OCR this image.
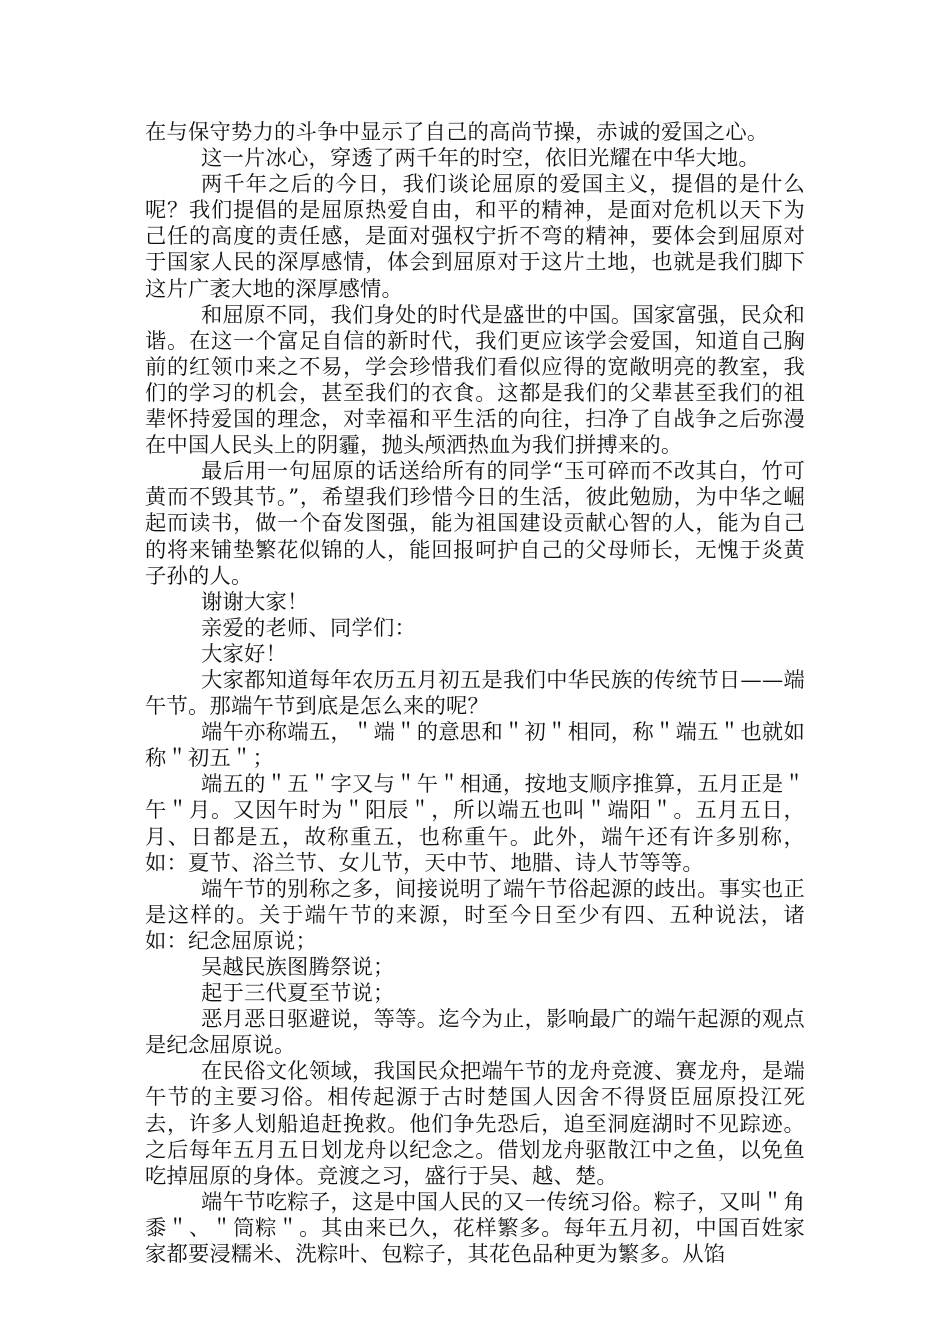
在与保守势力的斗争中显示了自己的高尚节操，赤诚的爱国之心。

这一片冰心，穿透了两千年的时空，依旧光耀在中华大地。

两千年之后的今日，我们谈论屈原的爱国主义，提倡的是什么呢？我们提倡的是屈原热爱自由，和平的精神，是面对危机以天下为己任的高度的责任感，是面对强权宁折不弯的精神，要体会到屈原对于国家人民的深厚感情，体会到屈原对于这片土地，也就是我们脚下这片广袤大地的深厚感情。

和屈原不同，我们身处的时代是盛世的中国。国家富强，民众和谐。在这一个富足自信的新时代，我们更应该学会爱国，知道自己胸前的红领巾来之不易，学会珍惜我们看似应得的宽敞明亮的教室，我们的学习的机会，甚至我们的衣食。这都是我们的父辈甚至我们的祖辈怀持爱国的理念，对幸福和平生活的向往，扫净了自战争之后弥漫在中国人民头上的阴霾，抛头颅洒热血为我们拼搏来的。

最后用一句屈原的话送给所有的同学“玉可碎而不改其白，竹可黄而不毁其节。”，希望我们珍惜今日的生活，彼此勉励，为中华之崛起而读书，做一个奋发图强，能为祖国建设贡献心智的人，能为自己的将来铺垫繁花似锦的人，能回报呵护自己的父母师长，无愧于炎黄子孙的人。

谢谢大家！

亲爱的老师、同学们：

大家好！

大家都知道每年农历五月初五是我们中华民族的传统节日——端午节。那端午节到底是怎么来的呢？

端午亦称端五，＂端＂的意思和＂初＂相同，称＂端五＂也就如称＂初五＂；

端五的＂五＂字又与＂午＂相通，按地支顺序推算，五月正是＂午＂月。又因午时为＂阳辰＂，所以端五也叫＂端阳＂。五月五日，月、日都是五，故称重五，也称重午。此外，端午还有许多别称，如：夏节、浴兰节、女儿节，天中节、地腊、诗人节等等。

端午节的别称之多，间接说明了端午节俗起源的歧出。事实也正是这样的。关于端午节的来源，时至今日至少有四、五种说法，诸如：纪念屈原说；

吴越民族图腾祭说；

起于三代夏至节说；

恶月恶日驱避说，等等。迄今为止，影响最广的端午起源的观点是纪念屈原说。

在民俗文化领域，我国民众把端午节的龙舟竞渡、赛龙舟，是端午节的主要习俗。相传起源于古时楚国人因舍不得贤臣屈原投江死去，许多人划船追赶挽救。他们争先恐后，追至洞庭湖时不见踪迹。之后每年五月五日划龙舟以纪念之。借划龙舟驱散江中之鱼，以免鱼吃掉屈原的身体。竞渡之习，盛行于吴、越、楚。

端午节吃粽子，这是中国人民的又一传统习俗。粽子，又叫＂角黍＂、＂筒粽＂。其由来已久，花样繁多。每年五月初，中国百姓家家都要浸糯米、洗粽叶、包粽子，其花色品种更为繁多。从馅
